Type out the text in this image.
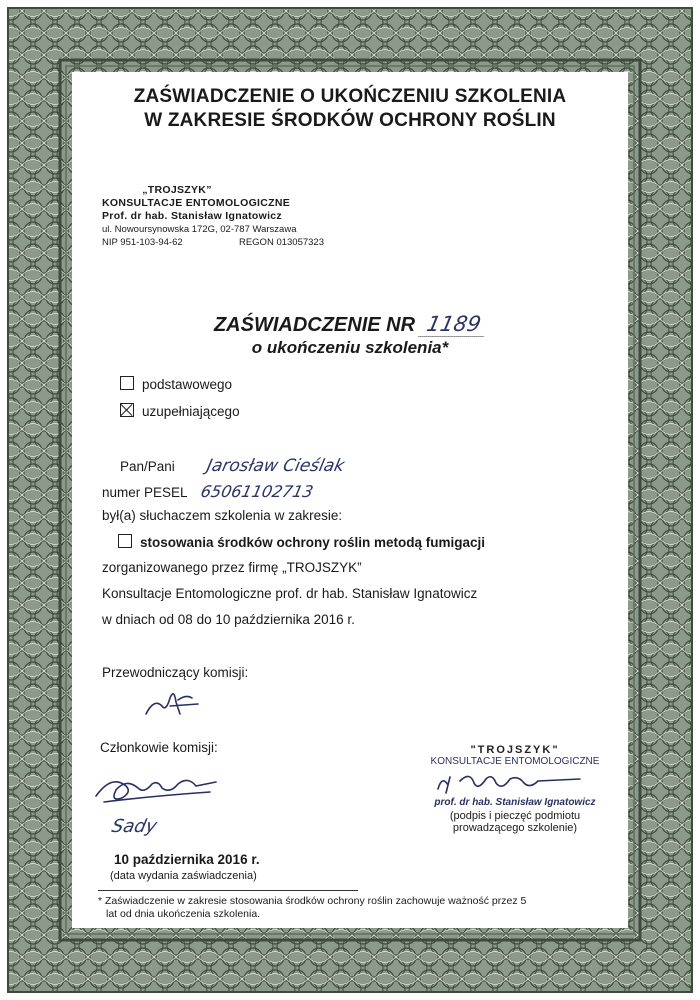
ZAŚWIADCZENIE O UKOŃCZENIU SZKOLENIA
W ZAKRESIE ŚRODKÓW OCHRONY ROŚLIN
„TROJSZYK”
KONSULTACJE ENTOMOLOGICZNE
Prof. dr hab. Stanisław Ignatowicz
ul. Nowoursynowska 172G, 02-787 Warszawa
NIP 951-103-94-62	REGON 013057323
ZAŚWIADCZENIE NR 1189
o ukończeniu szkolenia*
podstawowego
uzupełniającego
Pan/Pani Jarosław Cieślak
numer PESEL 65061102713
był(a) słuchaczem szkolenia w zakresie:
stosowania środków ochrony roślin metodą fumigacji
zorganizowanego przez firmę „TROJSZYK”
Konsultacje Entomologiczne prof. dr hab. Stanisław Ignatowicz
w dniach od 08 do 10 października 2016 r.
Przewodniczący komisji:
Członkowie komisji:
Sady
10 października 2016 r.
(data wydania zaświadczenia)
"TROJSZYK"
KONSULTACJE ENTOMOLOGICZNE
prof. dr hab. Stanisław Ignatowicz
(podpis i pieczęć podmiotu
prowadzącego szkolenie)
* Zaświadczenie w zakresie stosowania środków ochrony roślin zachowuje ważność przez 5
lat od dnia ukończenia szkolenia.
